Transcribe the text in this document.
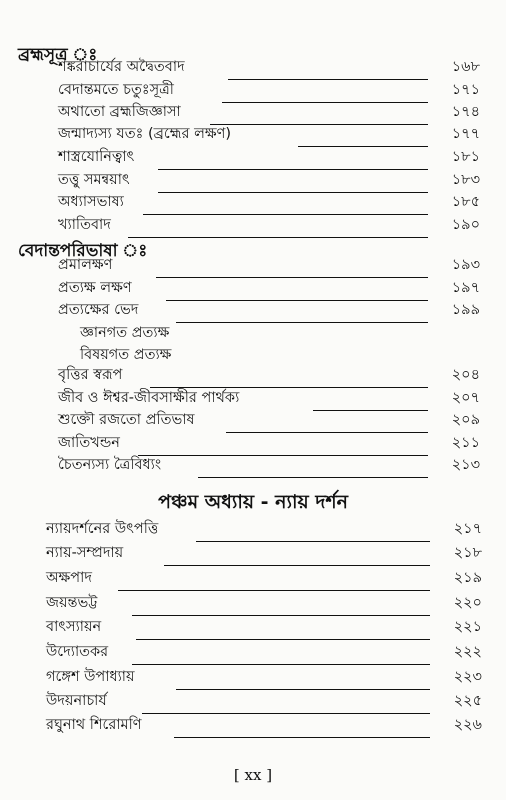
ব্রহ্মসূত্র ঃ
শঙ্করাচার্যের অদ্বৈতবাদ	১৬৮
বেদান্তমতে চতুঃসূত্রী	১৭১
অথাতো ব্রহ্মজিজ্ঞাসা	১৭৪
জন্মাদ্যস্য যতঃ (ব্রহ্মের লক্ষণ)	১৭৭
শাস্ত্রযোনিত্বাৎ	১৮১
তত্তু সমন্বয়াৎ	১৮৩
অধ্যাসভাষ্য	১৮৫
খ্যাতিবাদ	১৯০
বেদান্তপরিভাষা ঃ
প্রমালক্ষণ	১৯৩
প্রত্যক্ষ লক্ষণ	১৯৭
প্রত্যক্ষের ভেদ	১৯৯
জ্ঞানগত প্রত্যক্ষ
বিষয়গত প্রত্যক্ষ
বৃত্তির স্বরূপ	২০৪
জীব ও ঈশ্বর-জীবসাক্ষীর পার্থক্য	২০৭
শুক্তৌ রজতো প্রতিভাষ	২০৯
জাতিখন্ডন	২১১
চৈতন্যস্য ত্রৈবিধ্যং	২১৩
পঞ্চম অধ্যায় - ন্যায় দর্শন
ন্যায়দর্শনের উৎপত্তি	২১৭
ন্যায়-সম্প্রদায়	২১৮
অক্ষপাদ	২১৯
জয়ন্তভট্ট	২২০
বাৎস্যায়ন	২২১
উদ্যোতকর	২২২
গঙ্গেশ উপাধ্যায়	২২৩
উদয়নাচার্য	২২৫
রঘুনাথ শিরোমণি	২২৬
[ xx ]
